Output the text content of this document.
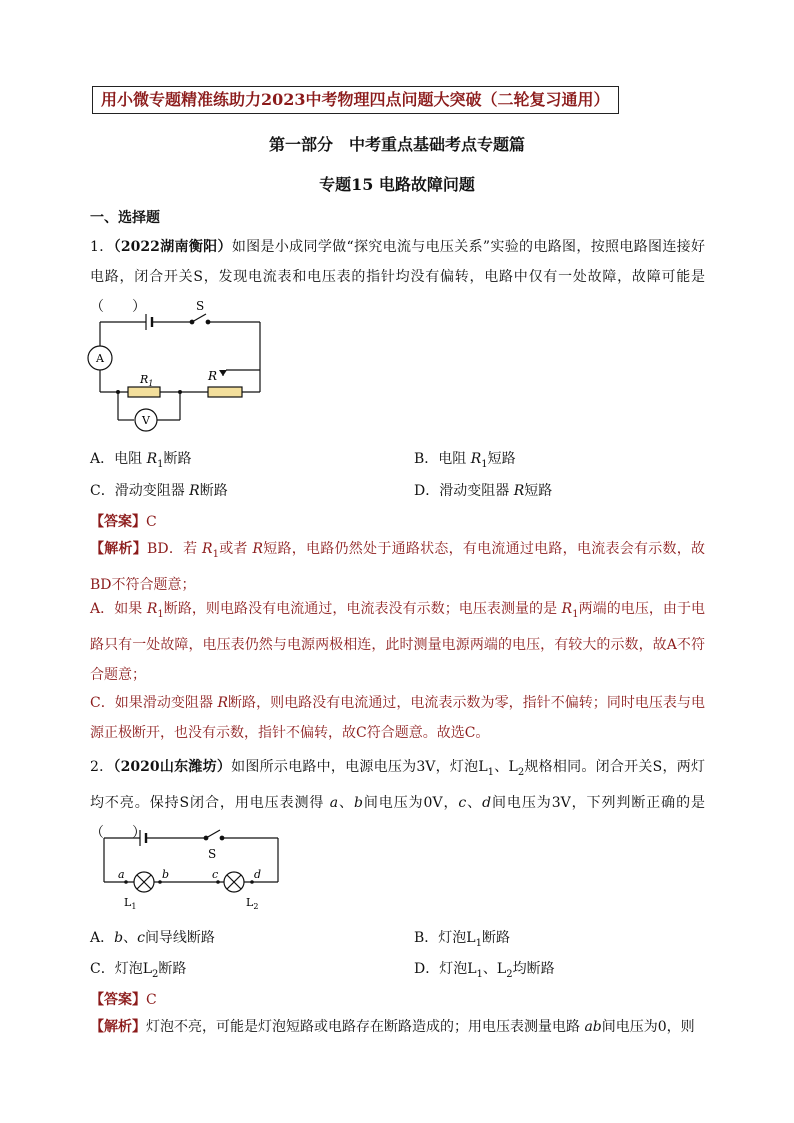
用小微专题精准练助力2023中考物理四点问题大突破（二轮复习通用）
第一部分　中考重点基础考点专题篇
专题15 电路故障问题
一、选择题

1．（2022湖南衡阳）如图是小成同学做“探究电流与电压关系”实验的电路图，按照电路图连接好电路，闭合开关S，发现电流表和电压表的指针均没有偏转，电路中仅有一处故障，故障可能是（　　）	S
A
V
$R_1$
R
A．电阻 $R_1$断路	B．电阻 $R_1$短路
C．滑动变阻器 R断路	D．滑动变阻器 R短路
【答案】C

【解析】BD．若 $R_1$或者 R短路，电路仍然处于通路状态，有电流通过电路，电流表会有示数，故BD不符合题意；

A．如果 $R_1$断路，则电路没有电流通过，电流表没有示数；电压表测量的是 $R_1$两端的电压，由于电路只有一处故障，电压表仍然与电源两极相连，此时测量电源两端的电压，有较大的示数，故A不符合题意；

C．如果滑动变阻器 R断路，则电路没有电流通过，电流表示数为零，指针不偏转；同时电压表与电源正极断开，也没有示数，指针不偏转，故C符合题意。故选C。

2．（2020山东潍坊）如图所示电路中，电源电压为3V，灯泡$L_1$、$L_2$规格相同。闭合开关S，两灯均不亮。保持S闭合，用电压表测得 a、b间电压为0V，c、d间电压为3V，下列判断正确的是（　　）

S
a	b	c	d
$L_1$	$L_2$
A．b、c间导线断路	B．灯泡$L_1$断路
C．灯泡$L_2$断路	D．灯泡$L_1$、$L_2$均断路
【答案】C

【解析】灯泡不亮，可能是灯泡短路或电路存在断路造成的；用电压表测量电路 ab间电压为0，则
